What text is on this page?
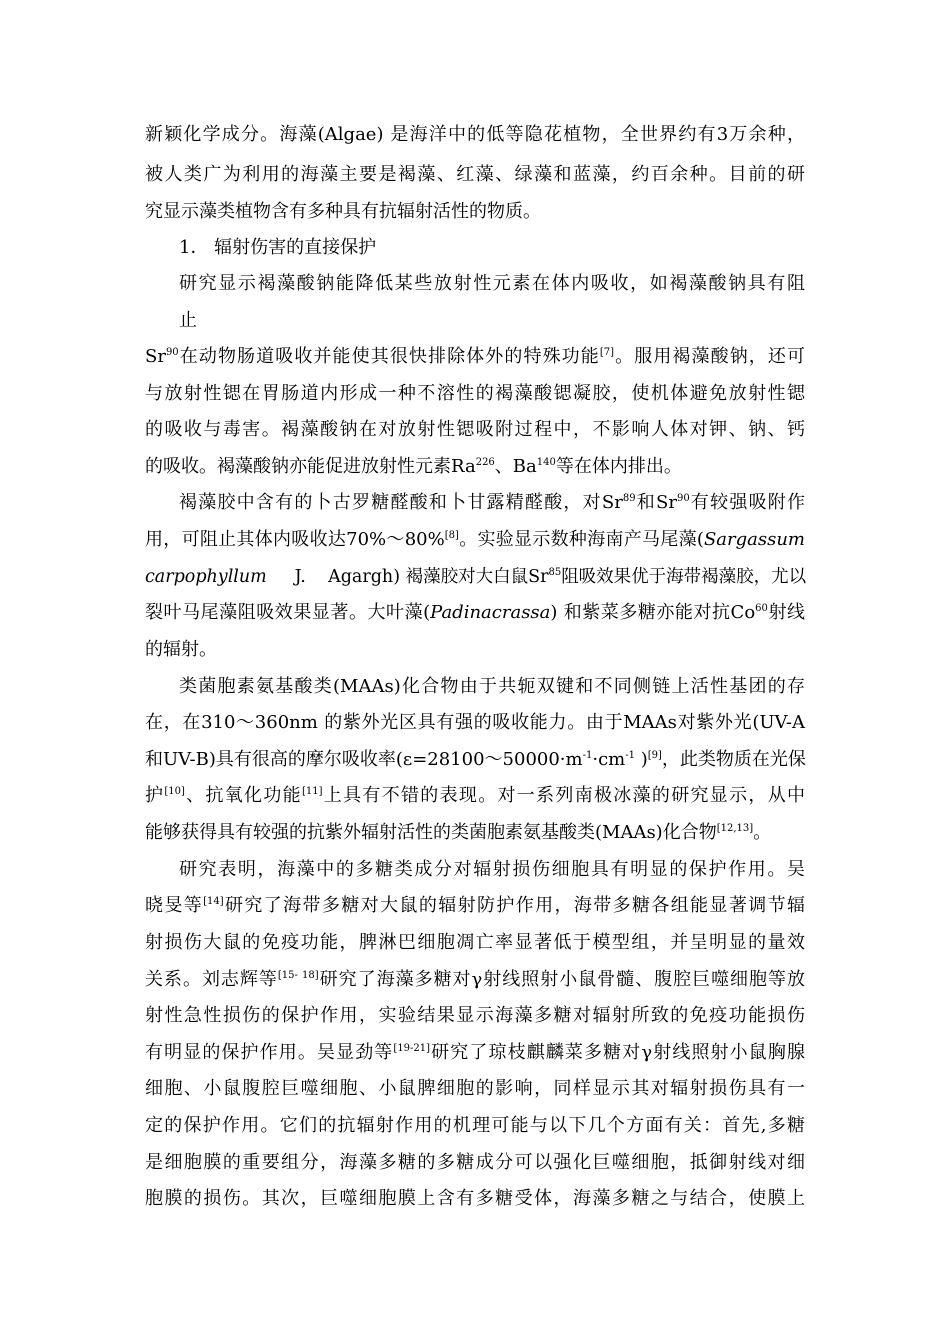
新颖化学成分。海藻(Algae) 是海洋中的低等隐花植物，全世界约有3万余种，
被人类广为利用的海藻主要是褐藻、红藻、绿藻和蓝藻，约百余种。目前的研
究显示藻类植物含有多种具有抗辐射活性的物质。
1． 辐射伤害的直接保护
研究显示褐藻酸钠能降低某些放射性元素在体内吸收，如褐藻酸钠具有阻
止
Sr$^{90}$在动物肠道吸收并能使其很快排除体外的特殊功能[7]。服用褐藻酸钠，还可
与放射性锶在胃肠道内形成一种不溶性的褐藻酸锶凝胶，使机体避免放射性锶
的吸收与毒害。褐藻酸钠在对放射性锶吸附过程中，不影响人体对钾、钠、钙
的吸收。褐藻酸钠亦能促进放射性元素Ra$^{226}$、Ba$^{140}$等在体内排出。
褐藻胶中含有的卜古罗糖醛酸和卜甘露精醛酸，对Sr$^{89}$和Sr$^{90}$有较强吸附作
用，可阻止其体内吸收达70%～80%[8]。实验显示数种海南产马尾藻(Sargassum
carpophyllum J. Agargh) 褐藻胶对大白鼠Sr$^{85}$阻吸效果优于海带褐藻胶，尤以
裂叶马尾藻阻吸效果显著。大叶藻(Padinacrassa) 和紫菜多糖亦能对抗Co$^{60}$射线
的辐射。
类菌胞素氨基酸类(MAAs)化合物由于共轭双键和不同侧链上活性基团的存
在，在310～360nm 的紫外光区具有强的吸收能力。由于MAAs对紫外光(UV-A
和UV-B)具有很高的摩尔吸收率($\varepsilon=28100\sim 50000\cdot m^{-1}\cdot cm^{-1}$ )[9]，此类物质在光保
护[10]、抗氧化功能[11]上具有不错的表现。对一系列南极冰藻的研究显示，从中
能够获得具有较强的抗紫外辐射活性的类菌胞素氨基酸类(MAAs)化合物[12,13]。
研究表明，海藻中的多糖类成分对辐射损伤细胞具有明显的保护作用。吴
晓旻等[14]研究了海带多糖对大鼠的辐射防护作用，海带多糖各组能显著调节辐
射损伤大鼠的免疫功能，脾淋巴细胞凋亡率显著低于模型组，并呈明显的量效
关系。刘志辉等[15- 18]研究了海藻多糖对γ射线照射小鼠骨髓、腹腔巨噬细胞等放
射性急性损伤的保护作用，实验结果显示海藻多糖对辐射所致的免疫功能损伤
有明显的保护作用。吴显劲等[19-21]研究了琼枝麒麟菜多糖对γ射线照射小鼠胸腺
细胞、小鼠腹腔巨噬细胞、小鼠脾细胞的影响，同样显示其对辐射损伤具有一
定的保护作用。它们的抗辐射作用的机理可能与以下几个方面有关：首先,多糖
是细胞膜的重要组分，海藻多糖的多糖成分可以强化巨噬细胞，抵御射线对细
胞膜的损伤。其次，巨噬细胞膜上含有多糖受体，海藻多糖之与结合，使膜上
